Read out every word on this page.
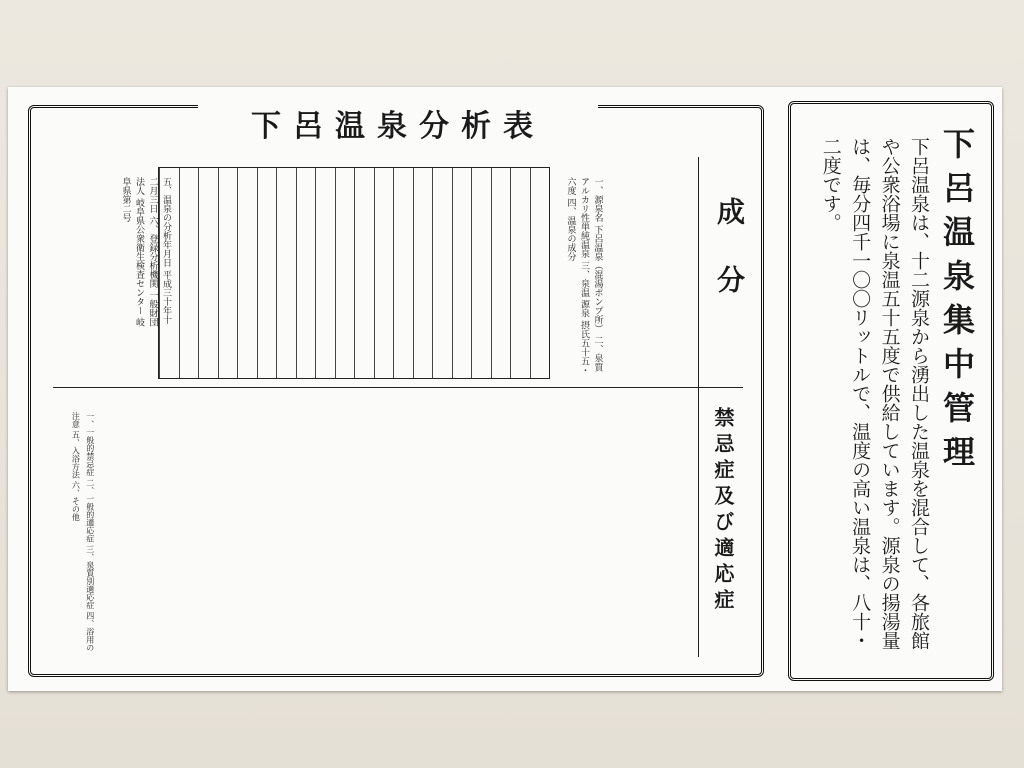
下呂温泉分析表
五、温泉の分析年月日 平成三十年十二月三日 六、登録分析機関 一般財団法人 岐阜県公衆衛生検査センター 岐阜県第二号	一、源泉名 下呂温泉（混湯ポンプ所） 二、泉質 アルカリ性単純温泉 三、泉温 源泉 摂氏五十五・六度 四、温泉の成分	成分
禁忌症及び適応症
一、一般的禁忌症 二、一般的適応症 三、泉質別適応症 四、浴用の注意 五、入浴方法 六、その他	下呂温泉集中管理
下呂温泉は、十二源泉から湧出した温泉を混合して、各旅館や公衆浴場に泉温五十五度で供給しています。源泉の揚湯量は、毎分四千一〇〇リットルで、温度の高い温泉は、八十・二度です。
